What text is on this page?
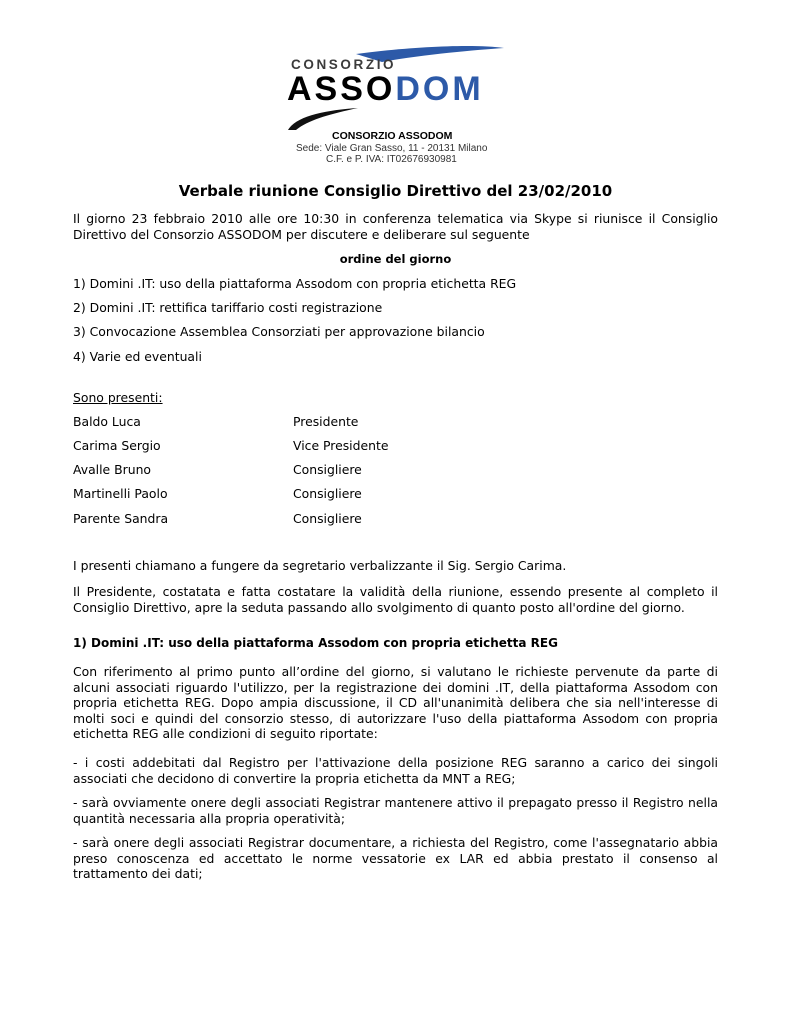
CONSORZIO
ASSODOM
CONSORZIO ASSODOM
Sede: Viale Gran Sasso, 11 - 20131 Milano
C.F. e P. IVA: IT02676930981
Verbale riunione Consiglio Direttivo del 23/02/2010
Il giorno 23 febbraio 2010 alle ore 10:30 in conferenza telematica via Skype si riunisce il Consiglio Direttivo del Consorzio ASSODOM per discutere e deliberare sul seguente
ordine del giorno
1) Domini .IT: uso della piattaforma Assodom con propria etichetta REG
2) Domini .IT: rettifica tariffario costi registrazione
3) Convocazione Assemblea Consorziati per approvazione bilancio
4) Varie ed eventuali
Sono presenti:
Baldo Luca	Presidente
Carima Sergio	Vice Presidente
Avalle Bruno	Consigliere
Martinelli Paolo	Consigliere
Parente Sandra	Consigliere
I presenti chiamano a fungere da segretario verbalizzante il Sig. Sergio Carima.
Il Presidente, costatata e fatta costatare la validità della riunione, essendo presente al completo il Consiglio Direttivo, apre la seduta passando allo svolgimento di quanto posto all'ordine del giorno.
1) Domini .IT: uso della piattaforma Assodom con propria etichetta REG
Con riferimento al primo punto all’ordine del giorno, si valutano le richieste pervenute da parte di alcuni associati riguardo l'utilizzo, per la registrazione dei domini .IT, della piattaforma Assodom con propria etichetta REG. Dopo ampia discussione, il CD all'unanimità delibera che sia nell'interesse di molti soci e quindi del consorzio stesso, di autorizzare l'uso della piattaforma Assodom con propria etichetta REG alle condizioni di seguito riportate:
- i costi addebitati dal Registro per l'attivazione della posizione REG saranno a carico dei singoli associati che decidono di convertire la propria etichetta da MNT a REG;
- sarà ovviamente onere degli associati Registrar mantenere attivo il prepagato presso il Registro nella quantità necessaria alla propria operatività;
- sarà onere degli associati Registrar documentare, a richiesta del Registro, come l'assegnatario abbia preso conoscenza ed accettato le norme vessatorie ex LAR ed abbia prestato il consenso al trattamento dei dati;
